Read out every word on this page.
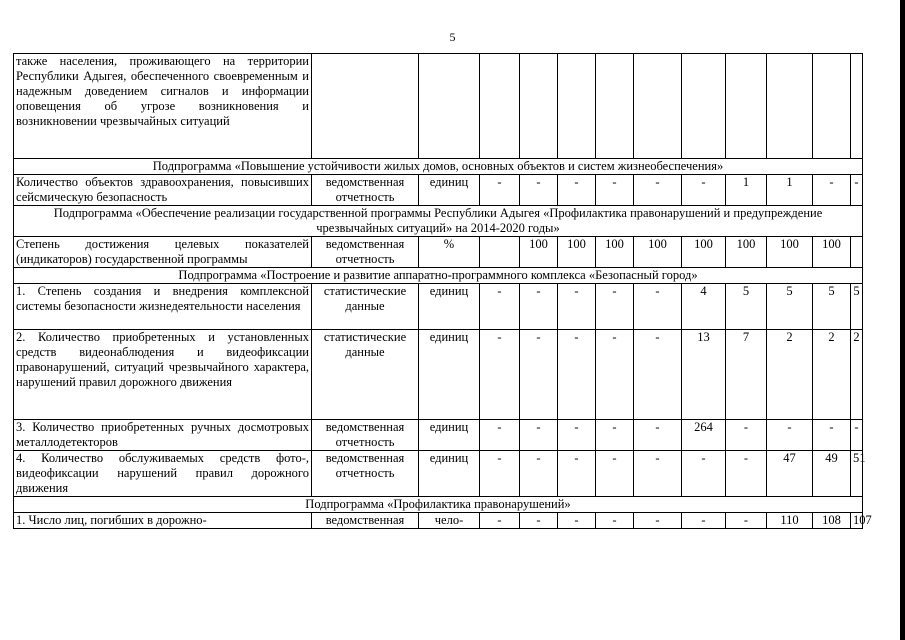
5
также населения, проживающего на территории Республики Адыгея, обеспеченного своевременным и надежным доведением сигналов и информации оповещения об угрозе возникновения и возникновении чрезвычайных ситуаций													
Подпрограмма «Повышение устойчивости жилых домов, основных объектов и систем жизнеобеспечения»													
Количество объектов здравоохранения, повысивших сейсмическую безопасность	ведомственная отчетность	единиц	-	-	-	-	-	-	1	1	-	-	
Подпрограмма «Обеспечение реализации государственной программы Республики Адыгея «Профилактика правонарушений и предупреждение чрезвычайных ситуаций» на 2014-2020 годы»													
Степень достижения целевых показателей (индикаторов) государственной программы	ведомственная отчетность	%		100	100	100	100	100	100	100	100		
Подпрограмма «Построение и развитие аппаратно-программного комплекса «Безопасный город»													
1. Степень создания и внедрения комплексной системы безопасности жизнедеятельности населения	статистические данные	единиц	-	-	-	-	-	4	5	5	5	5	
2. Количество приобретенных и установленных средств видеонаблюдения и видеофиксации правонарушений, ситуаций чрезвычайного характера, нарушений правил дорожного движения	статистические данные	единиц	-	-	-	-	-	13	7	2	2	2	
3. Количество приобретенных ручных досмотровых металлодетекторов	ведомственная отчетность	единиц	-	-	-	-	-	264	-	-	-	-	
4. Количество обслуживаемых средств фото-, видеофиксации нарушений правил дорожного движения	ведомственная отчетность	единиц	-	-	-	-	-	-	-	47	49	51	
Подпрограмма «Профилактика правонарушений»													
1. Число лиц, погибших в дорожно-	ведомственная	чело-	-	-	-	-	-	-	-	110	108	107	
